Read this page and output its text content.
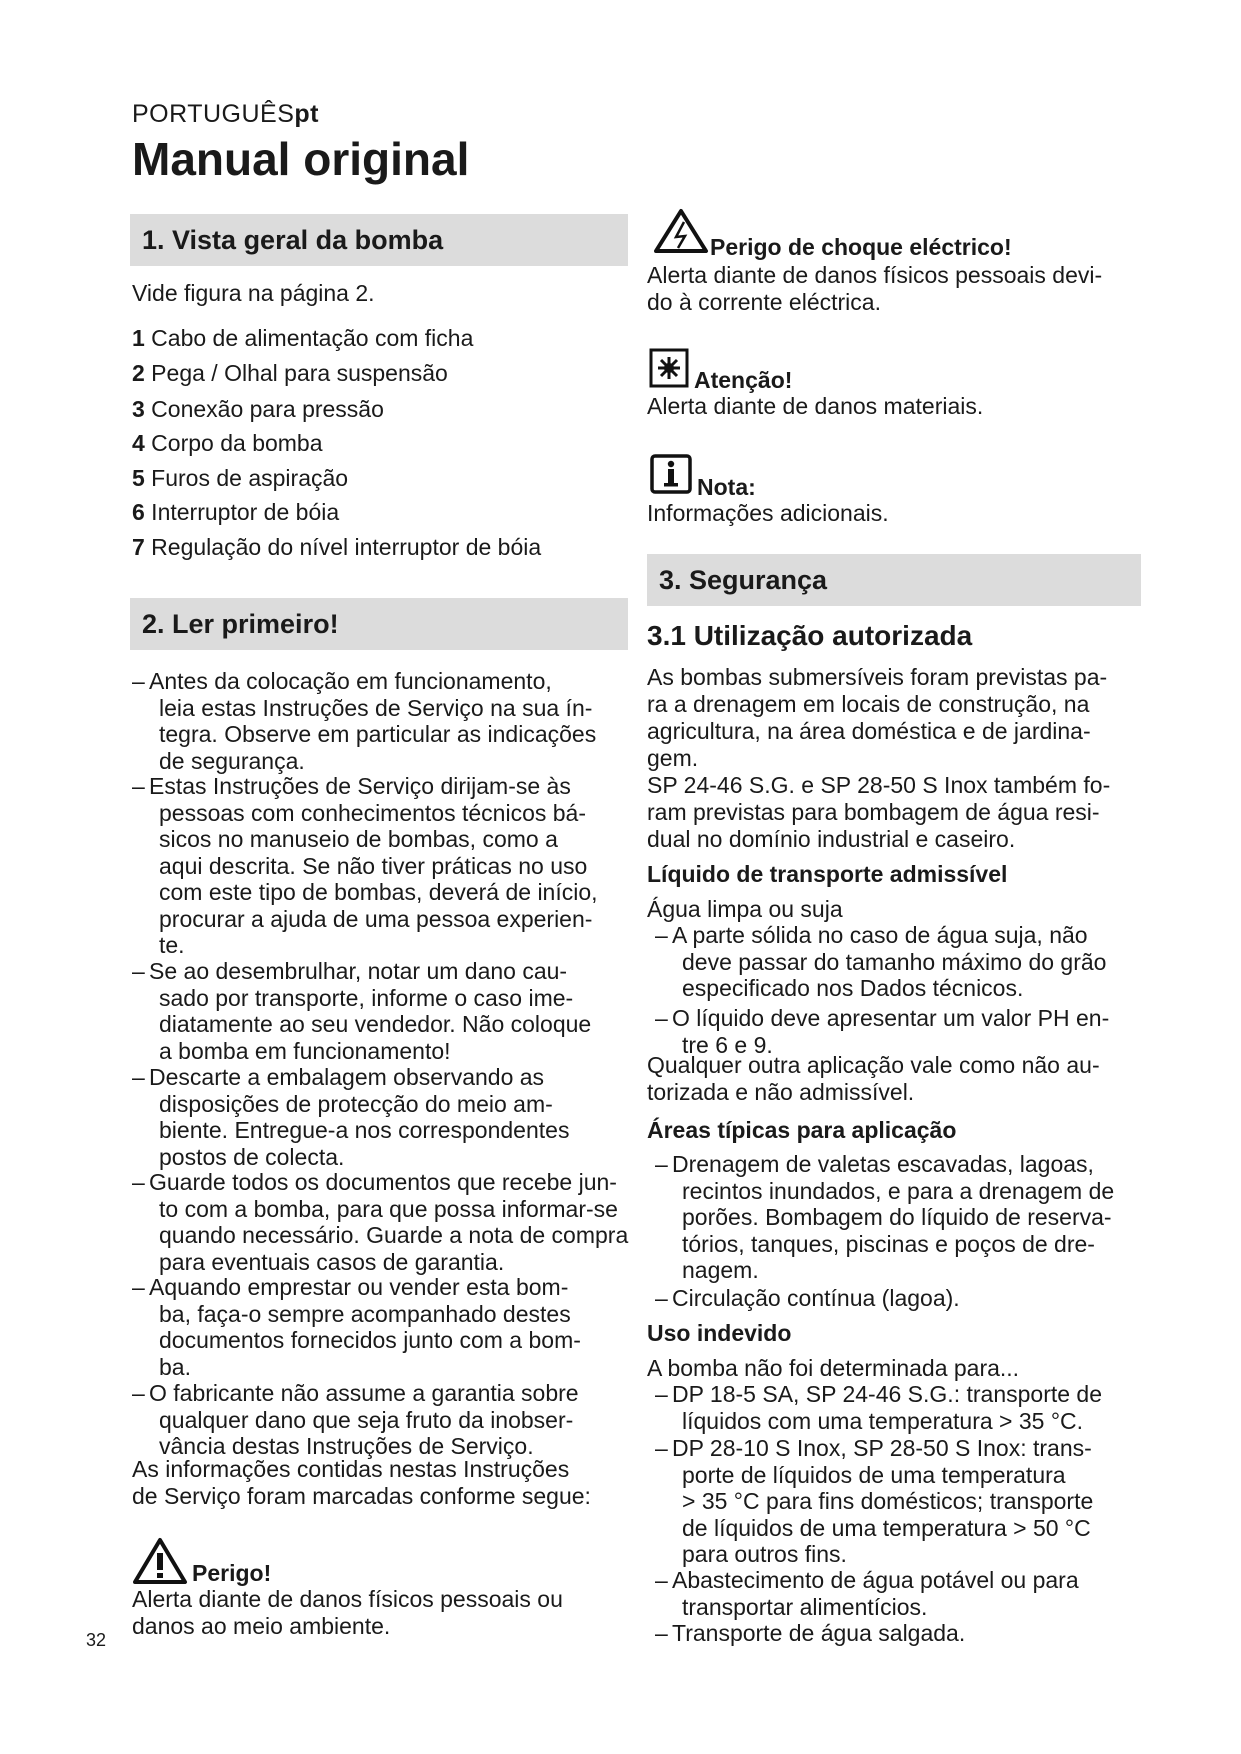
PORTUGUÊSpt
Manual original
1. Vista geral da bomba
Vide figura na página 2.
1 Cabo de alimentação com ficha
2 Pega / Olhal para suspensão
3 Conexão para pressão
4 Corpo da bomba
5 Furos de aspiração
6 Interruptor de bóia
7 Regulação do nível interruptor de bóia
2. Ler primeiro!
– Antes da colocação em funcionamento,
leia estas Instruções de Serviço na sua ín-
tegra. Observe em particular as indicações
de segurança.
– Estas Instruções de Serviço dirijam-se às
pessoas com conhecimentos técnicos bá-
sicos no manuseio de bombas, como a
aqui descrita. Se não tiver práticas no uso
com este tipo de bombas, deverá de início,
procurar a ajuda de uma pessoa experien-
te.
– Se ao desembrulhar, notar um dano cau-
sado por transporte, informe o caso ime-
diatamente ao seu vendedor. Não coloque
a bomba em funcionamento!
– Descarte a embalagem observando as
disposições de protecção do meio am-
biente. Entregue-a nos correspondentes
postos de colecta.
– Guarde todos os documentos que recebe jun-
to com a bomba, para que possa informar-se
quando necessário. Guarde a nota de compra
para eventuais casos de garantia.
– Aquando emprestar ou vender esta bom-
ba, faça-o sempre acompanhado destes
documentos fornecidos junto com a bom-
ba.
– O fabricante não assume a garantia sobre
qualquer dano que seja fruto da inobser-
vância destas Instruções de Serviço.
As informações contidas nestas Instruções
de Serviço foram marcadas conforme segue:
Perigo!
Alerta diante de danos físicos pessoais ou
danos ao meio ambiente.
32
Perigo de choque eléctrico!
Alerta diante de danos físicos pessoais devi-
do à corrente eléctrica.
Atenção!
Alerta diante de danos materiais.
Nota:
Informações adicionais.
3. Segurança
3.1 Utilização autorizada
As bombas submersíveis foram previstas pa-
ra a drenagem em locais de construção, na
agricultura, na área doméstica e de jardina-
gem.
SP 24-46 S.G. e SP 28-50 S Inox também fo-
ram previstas para bombagem de água resi-
dual no domínio industrial e caseiro.
Líquido de transporte admissível
Água limpa ou suja
– A parte sólida no caso de água suja, não
deve passar do tamanho máximo do grão
especificado nos Dados técnicos.
– O líquido deve apresentar um valor PH en-
tre 6 e 9.
Qualquer outra aplicação vale como não au-
torizada e não admissível.
Áreas típicas para aplicação
– Drenagem de valetas escavadas, lagoas,
recintos inundados, e para a drenagem de
porões. Bombagem do líquido de reserva-
tórios, tanques, piscinas e poços de dre-
nagem.
– Circulação contínua (lagoa).
Uso indevido
A bomba não foi determinada para...
– DP 18-5 SA, SP 24-46 S.G.: transporte de
líquidos com uma temperatura > 35 °C.
– DP 28-10 S Inox, SP 28-50 S Inox: trans-
porte de líquidos de uma temperatura
> 35 °C para fins domésticos; transporte
de líquidos de uma temperatura > 50 °C
para outros fins.
– Abastecimento de água potável ou para
transportar alimentícios.
– Transporte de água salgada.
